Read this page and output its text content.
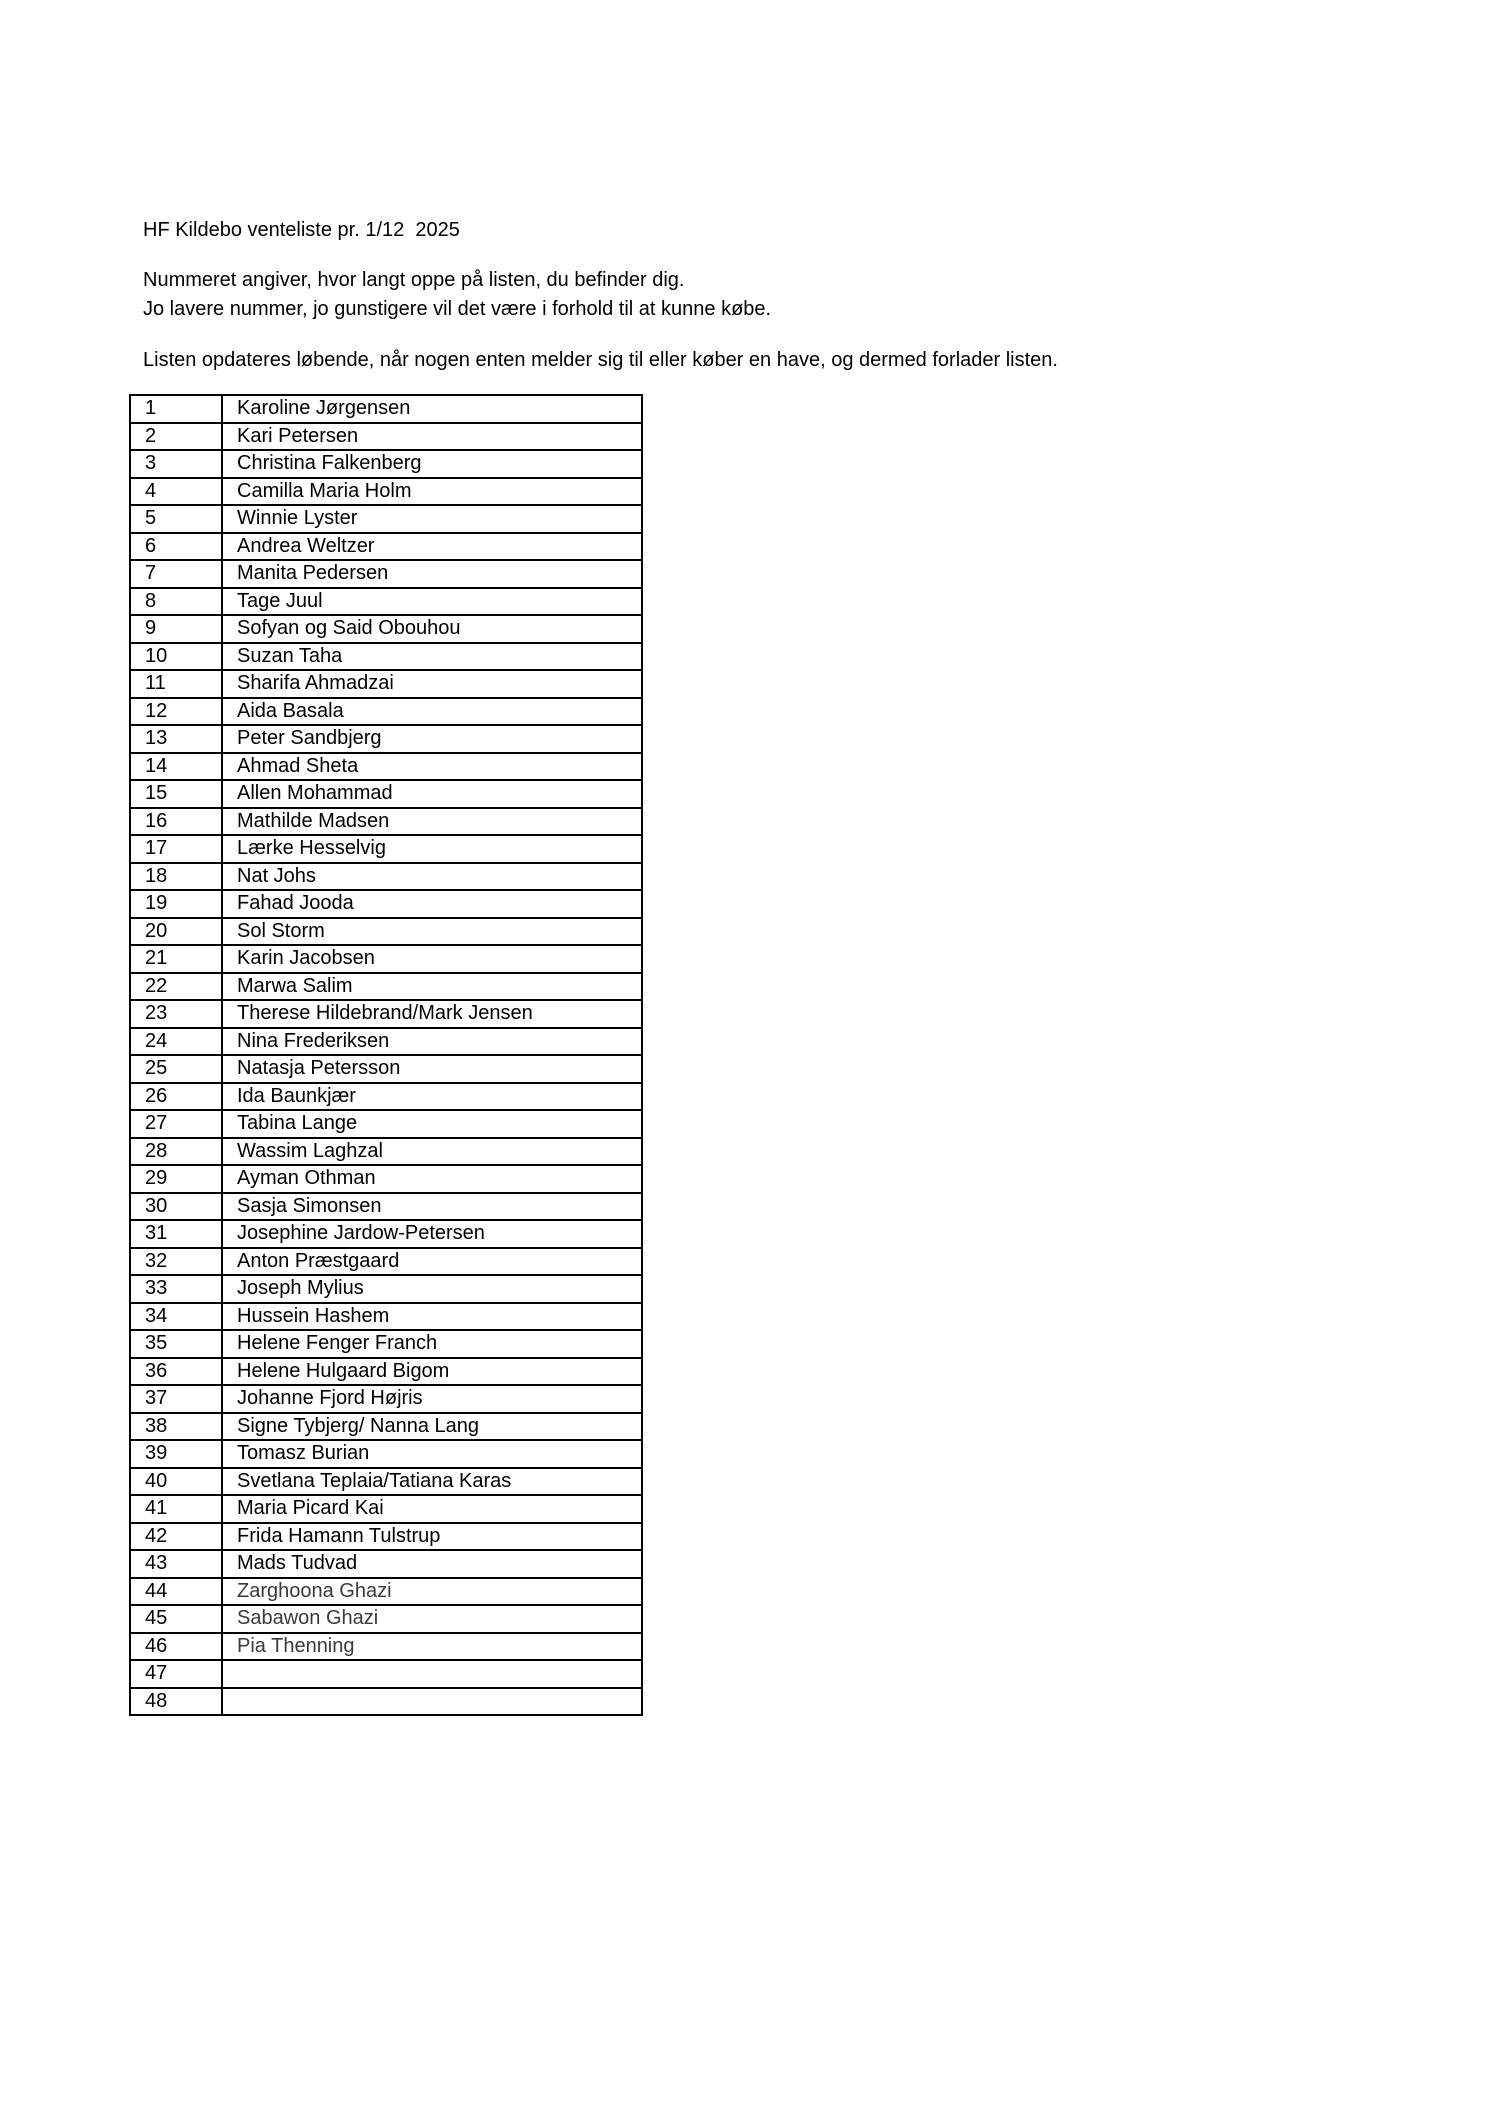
HF Kildebo venteliste pr. 1/12  2025
Nummeret angiver, hvor langt oppe på listen, du befinder dig.
Jo lavere nummer, jo gunstigere vil det være i forhold til at kunne købe.
Listen opdateres løbende, når nogen enten melder sig til eller køber en have, og dermed forlader listen.
1	Karoline Jørgensen
2	Kari Petersen
3	Christina Falkenberg
4	Camilla Maria Holm
5	Winnie Lyster
6	Andrea Weltzer
7	Manita Pedersen
8	Tage Juul
9	Sofyan og Said Obouhou
10	Suzan Taha
11	Sharifa Ahmadzai
12	Aida Basala
13	Peter Sandbjerg
14	Ahmad Sheta
15	Allen Mohammad
16	Mathilde Madsen
17	Lærke Hesselvig
18	Nat Johs
19	Fahad Jooda
20	Sol Storm
21	Karin Jacobsen
22	Marwa Salim
23	Therese Hildebrand/Mark Jensen
24	Nina Frederiksen
25	Natasja Petersson
26	Ida Baunkjær
27	Tabina Lange
28	Wassim Laghzal
29	Ayman Othman
30	Sasja Simonsen
31	Josephine Jardow-Petersen
32	Anton Præstgaard
33	Joseph Mylius
34	Hussein Hashem
35	Helene Fenger Franch
36	Helene Hulgaard Bigom
37	Johanne Fjord Højris
38	Signe Tybjerg/ Nanna Lang
39	Tomasz Burian
40	Svetlana Teplaia/Tatiana Karas
41	Maria Picard Kai
42	Frida Hamann Tulstrup
43	Mads Tudvad
44	Zarghoona Ghazi
45	Sabawon Ghazi
46	Pia Thenning
47	
48	
